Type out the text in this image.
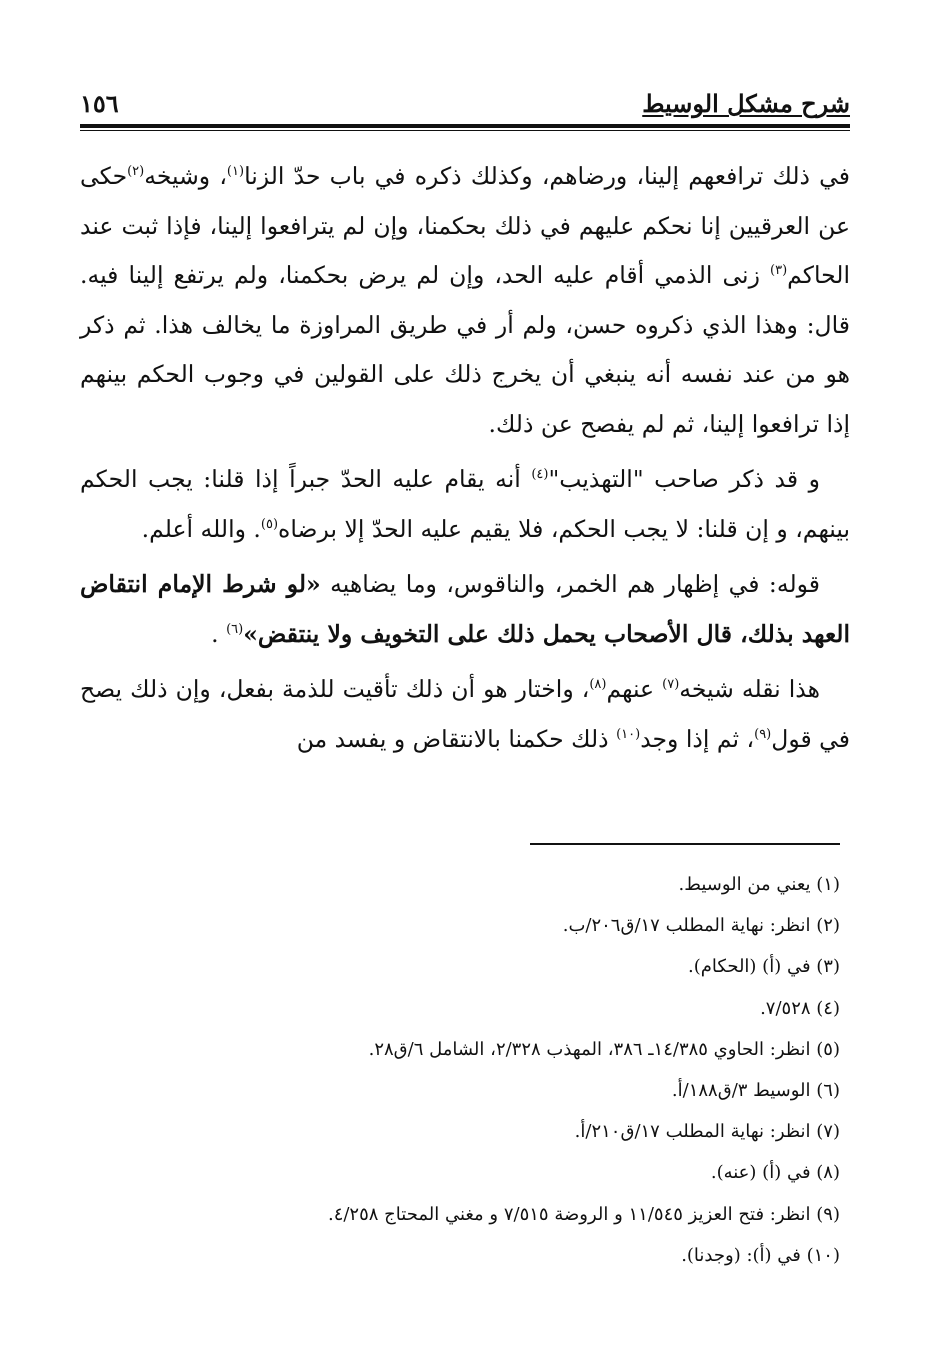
شرح مشكل الوسيط
١٥٦

في ذلك ترافعهم إلينا، ورضاهم، وكذلك ذكره في باب حدّ الزنا$^{(١)}$، وشيخه$^{(٢)}$حكى عن العرقيين إنا نحكم عليهم في ذلك بحكمنا، وإن لم يترافعوا إلينا، فإذا ثبت عند الحاكم$^{(٣)}$ زنى الذمي أقام عليه الحد، وإن لم يرض بحكمنا، ولم يرتفع إلينا فيه. قال: وهذا الذي ذكروه حسن، ولم أر في طريق المراوزة ما يخالف هذا. ثم ذكر هو من عند نفسه أنه ينبغي أن يخرج ذلك على القولين في وجوب الحكم بينهم إذا ترافعوا إلينا، ثم لم يفصح عن ذلك.

و قد ذكر صاحب "التهذيب"$^{(٤)}$ أنه يقام عليه الحدّ جبراً إذا قلنا: يجب الحكم بينهم، و إن قلنا: لا يجب الحكم، فلا يقيم عليه الحدّ إلا برضاه$^{(٥)}$. والله أعلم.

قوله: في إظهار هم الخمر، والناقوس، وما يضاهيه «لو شرط الإمام انتقاض العهد بذلك، قال الأصحاب يحمل ذلك على التخويف ولا ينتقض»$^{(٦)}$ .

هذا نقله شيخه$^{(٧)}$ عنهم$^{(٨)}$، واختار هو أن ذلك تأقيت للذمة بفعل، وإن ذلك يصح في قول$^{(٩)}$، ثم إذا وجد$^{(١٠)}$ ذلك حكمنا بالانتقاض و يفسد من

(١) يعني من الوسيط.
(٢) انظر: نهاية المطلب ١٧/ق٢٠٦/ب.
(٣) في (أ) (الحكام).
(٤) ٧/٥٢٨.
(٥) انظر: الحاوي ١٤/٣٨٥ـ ٣٨٦، المهذب ٢/٣٢٨، الشامل ٦/ق٢٨.
(٦) الوسيط ٣/ق١٨٨/أ.
(٧) انظر: نهاية المطلب ١٧/ق٢١٠/أ.
(٨) في (أ) (عنه).
(٩) انظر: فتح العزيز ١١/٥٤٥ و الروضة ٧/٥١٥ و مغني المحتاج ٤/٢٥٨.
(١٠) في (أ): (وجدنا).
